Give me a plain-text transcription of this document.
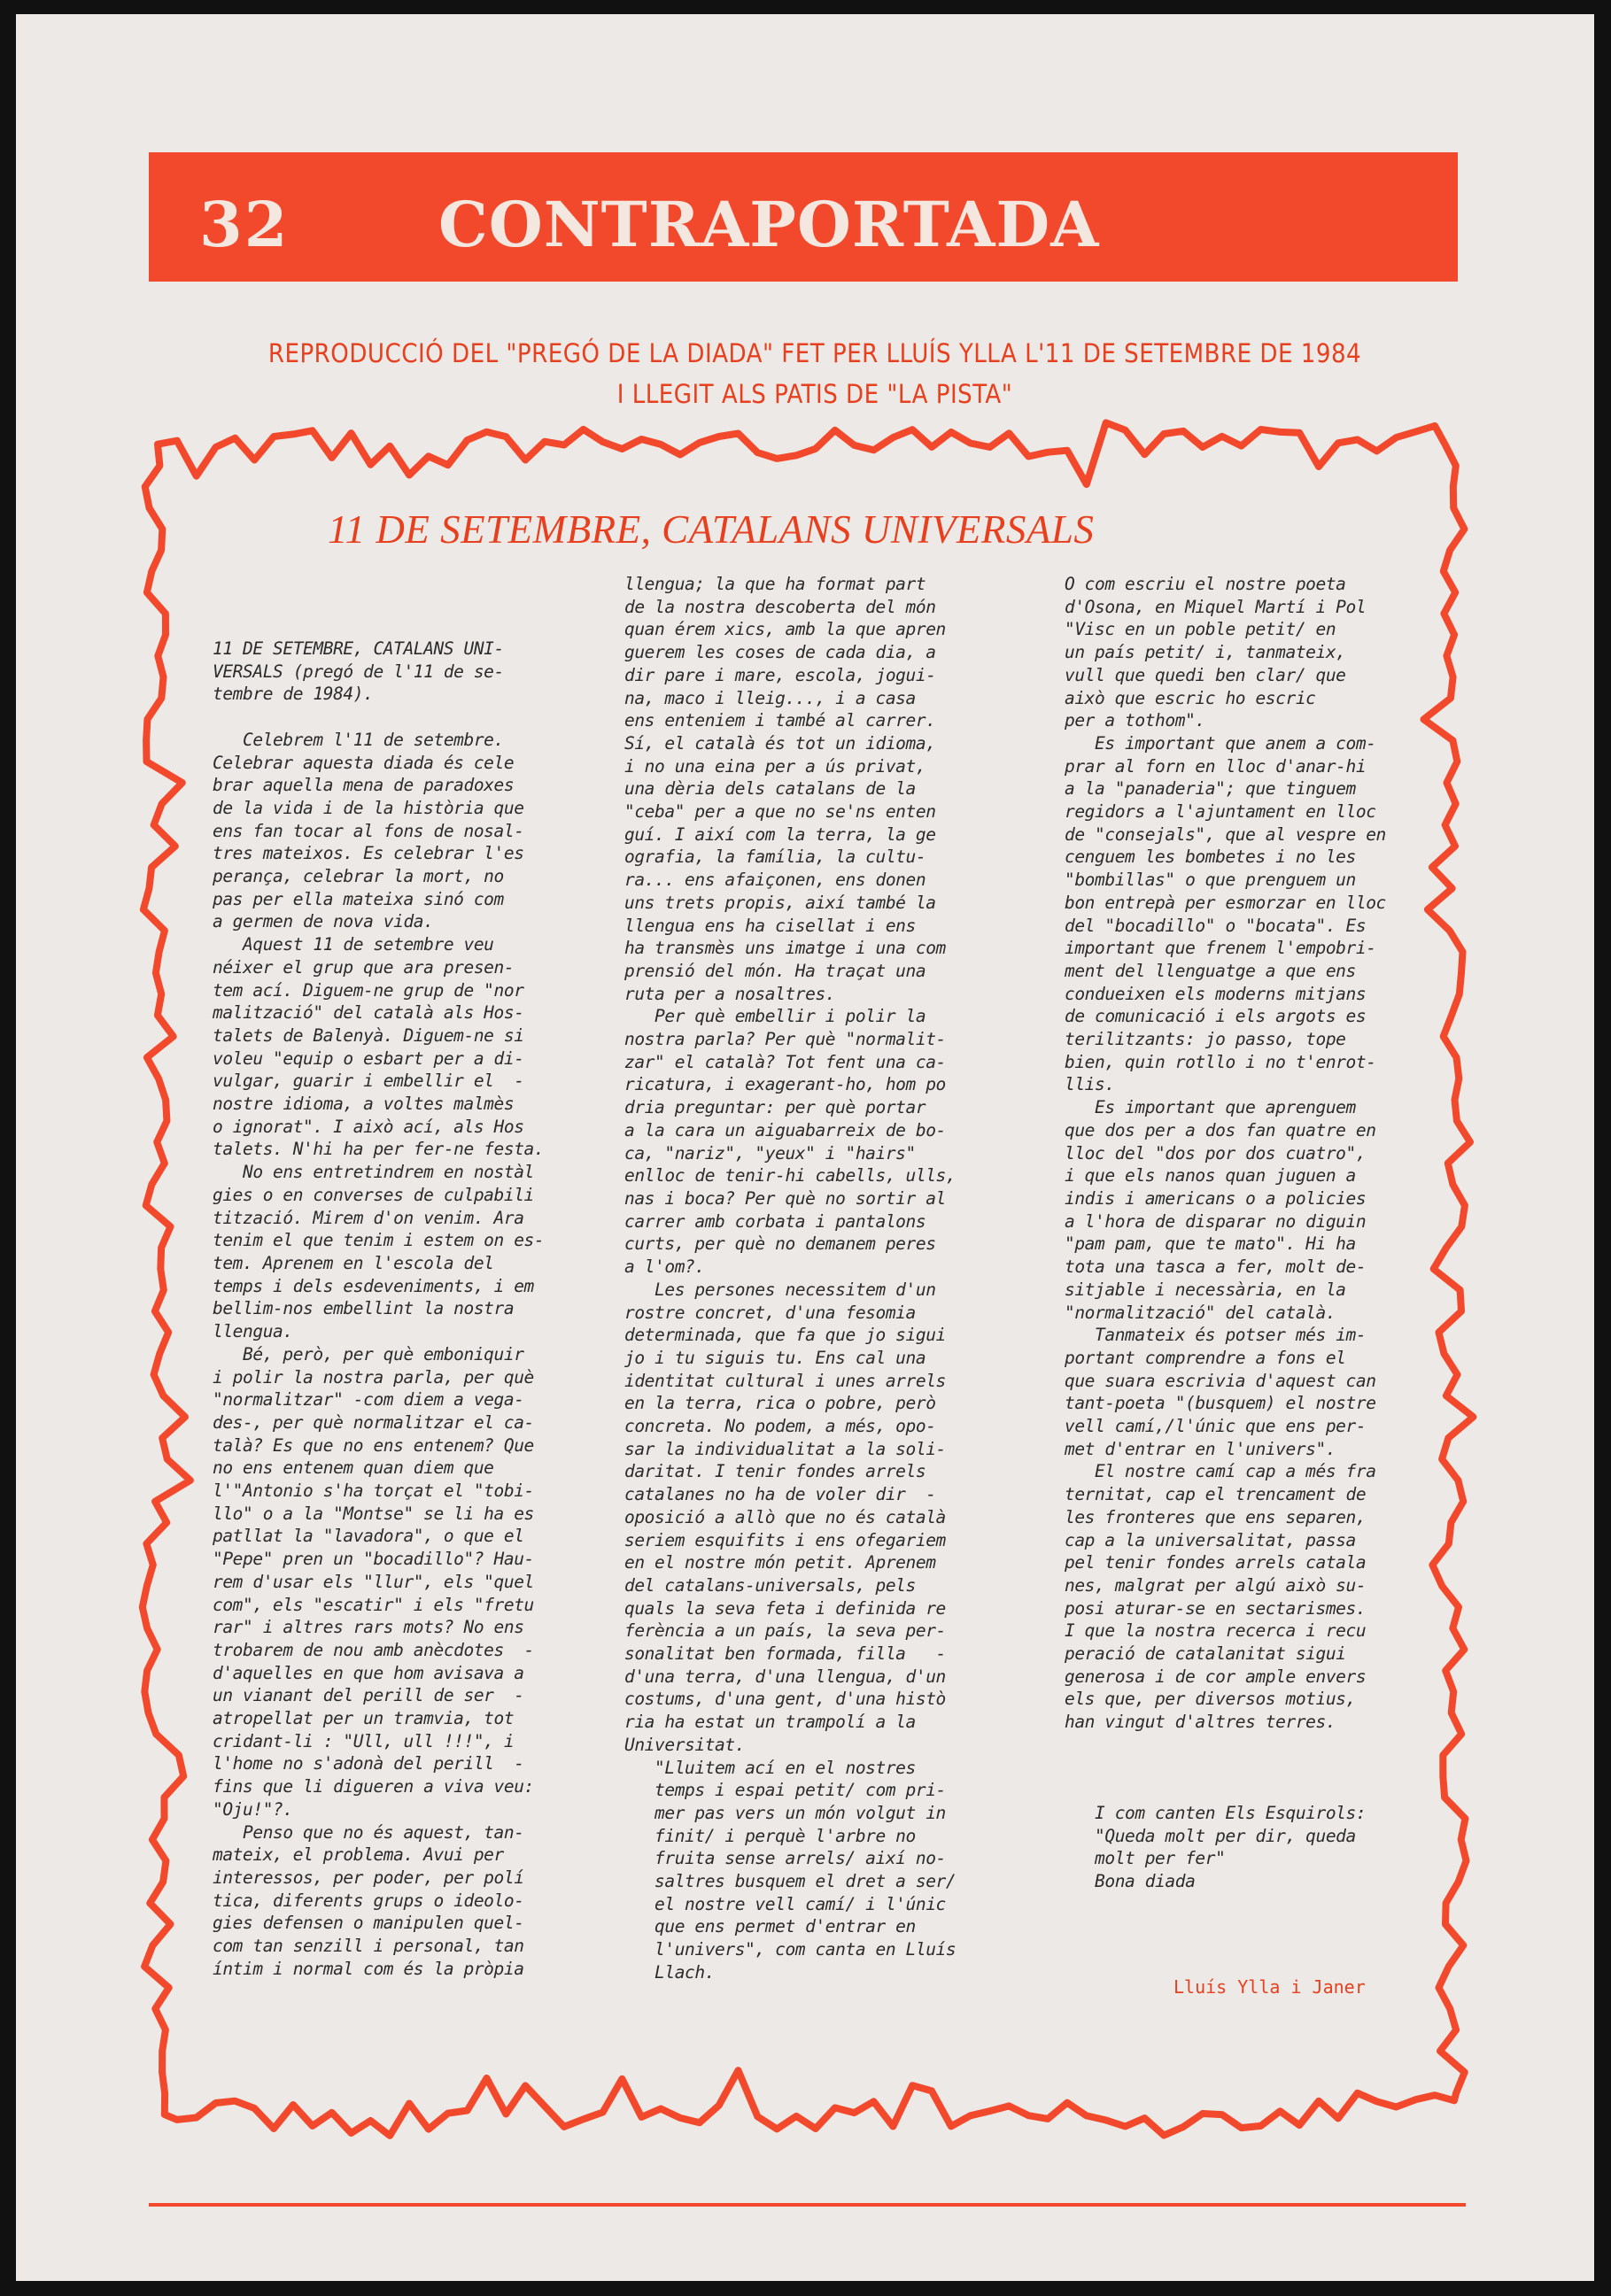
32 CONTRAPORTADA
REPRODUCCIÓ DEL "PREGÓ DE LA DIADA" FET PER LLUÍS YLLA L'11 DE SETEMBRE DE 1984
I LLEGIT ALS PATIS DE "LA PISTA"
11 DE SETEMBRE, CATALANS UNIVERSALS
11 DE SETEMBRE, CATALANS UNI-
VERSALS (pregó de l'11 de se-
tembre de 1984).

Celebrem l'11 de setembre.
Celebrar aquesta diada és cele
brar aquella mena de paradoxes
de la vida i de la història que
ens fan tocar al fons de nosal-
tres mateixos. Es celebrar l'es
perança, celebrar la mort, no
pas per ella mateixa sinó com
a germen de nova vida.
Aquest 11 de setembre veu
néixer el grup que ara presen-
tem ací. Diguem-ne grup de "nor
malització" del català als Hos-
talets de Balenyà. Diguem-ne si
voleu "equip o esbart per a di-
vulgar, guarir i embellir el  -
nostre idioma, a voltes malmès
o ignorat". I això ací, als Hos
talets. N'hi ha per fer-ne festa.
No ens entretindrem en nostàl
gies o en converses de culpabili
tització. Mirem d'on venim. Ara
tenim el que tenim i estem on es-
tem. Aprenem en l'escola del
temps i dels esdeveniments, i em
bellim-nos embellint la nostra
llengua.
Bé, però, per què emboniquir
i polir la nostra parla, per què
"normalitzar" -com diem a vega-
des-, per què normalitzar el ca-
talà? Es que no ens entenem? Que
no ens entenem quan diem que
l'"Antonio s'ha torçat el "tobi-
llo" o a la "Montse" se li ha es
patllat la "lavadora", o que el
"Pepe" pren un "bocadillo"? Hau-
rem d'usar els "llur", els "quel
com", els "escatir" i els "fretu
rar" i altres rars mots? No ens
trobarem de nou amb anècdotes  -
d'aquelles en que hom avisava a
un vianant del perill de ser  -
atropellat per un tramvia, tot
cridant-li : "Ull, ull !!!", i
l'home no s'adonà del perill  -
fins que li digueren a viva veu:
"Oju!"?.
Penso que no és aquest, tan-
mateix, el problema. Avui per
interessos, per poder, per polí
tica, diferents grups o ideolo-
gies defensen o manipulen quel-
com tan senzill i personal, tan
íntim i normal com és la pròpia
llengua; la que ha format part
de la nostra descoberta del món
quan érem xics, amb la que apren
guerem les coses de cada dia, a
dir pare i mare, escola, jogui-
na, maco i lleig..., i a casa
ens enteniem i també al carrer.
Sí, el català és tot un idioma,
i no una eina per a ús privat,
una dèria dels catalans de la
"ceba" per a que no se'ns enten
guí. I així com la terra, la ge
ografia, la família, la cultu-
ra... ens afaiçonen, ens donen
uns trets propis, així també la
llengua ens ha cisellat i ens
ha transmès uns imatge i una com
prensió del món. Ha traçat una
ruta per a nosaltres.
Per què embellir i polir la
nostra parla? Per què "normalit-
zar" el català? Tot fent una ca-
ricatura, i exagerant-ho, hom po
dria preguntar: per què portar
a la cara un aiguabarreix de bo-
ca, "nariz", "yeux" i "hairs"
enlloc de tenir-hi cabells, ulls,
nas i boca? Per què no sortir al
carrer amb corbata i pantalons
curts, per què no demanem peres
a l'om?.
Les persones necessitem d'un
rostre concret, d'una fesomia
determinada, que fa que jo sigui
jo i tu siguis tu. Ens cal una
identitat cultural i unes arrels
en la terra, rica o pobre, però
concreta. No podem, a més, opo-
sar la individualitat a la soli-
daritat. I tenir fondes arrels
catalanes no ha de voler dir  -
oposició a allò que no és català
seriem esquifits i ens ofegariem
en el nostre món petit. Aprenem
del catalans-universals, pels
quals la seva feta i definida re
ferència a un país, la seva per-
sonalitat ben formada, filla   -
d'una terra, d'una llengua, d'un
costums, d'una gent, d'una histò
ria ha estat un trampolí a la
Universitat.
"Lluitem ací en el nostres
temps i espai petit/ com pri-
mer pas vers un món volgut in
finit/ i perquè l'arbre no
fruita sense arrels/ així no-
saltres busquem el dret a ser/
el nostre vell camí/ i l'únic
que ens permet d'entrar en
l'univers", com canta en Lluís
Llach.
O com escriu el nostre poeta
d'Osona, en Miquel Martí i Pol
"Visc en un poble petit/ en
un país petit/ i, tanmateix,
vull que quedi ben clar/ que
això que escric ho escric
per a tothom".
Es important que anem a com-
prar al forn en lloc d'anar-hi
a la "panaderia"; que tinguem
regidors a l'ajuntament en lloc
de "consejals", que al vespre en
cenguem les bombetes i no les
"bombillas" o que prenguem un
bon entrepà per esmorzar en lloc
del "bocadillo" o "bocata". Es
important que frenem l'empobri-
ment del llenguatge a que ens
condueixen els moderns mitjans
de comunicació i els argots es
terilitzants: jo passo, tope
bien, quin rotllo i no t'enrot-
llis.
Es important que aprenguem
que dos per a dos fan quatre en
lloc del "dos por dos cuatro",
i que els nanos quan juguen a
indis i americans o a policies
a l'hora de disparar no diguin
"pam pam, que te mato". Hi ha
tota una tasca a fer, molt de-
sitjable i necessària, en la
"normalització" del català.
Tanmateix és potser més im-
portant comprendre a fons el
que suara escrivia d'aquest can
tant-poeta "(busquem) el nostre
vell camí,/l'únic que ens per-
met d'entrar en l'univers".
El nostre camí cap a més fra
ternitat, cap el trencament de
les fronteres que ens separen,
cap a la universalitat, passa
pel tenir fondes arrels catala
nes, malgrat per algú això su-
posi aturar-se en sectarismes.
I que la nostra recerca i recu
peració de catalanitat sigui
generosa i de cor ample envers
els que, per diversos motius,
han vingut d'altres terres.

I com canten Els Esquirols:
"Queda molt per dir, queda
molt per fer"
Bona diada
Lluís Ylla i Janer
